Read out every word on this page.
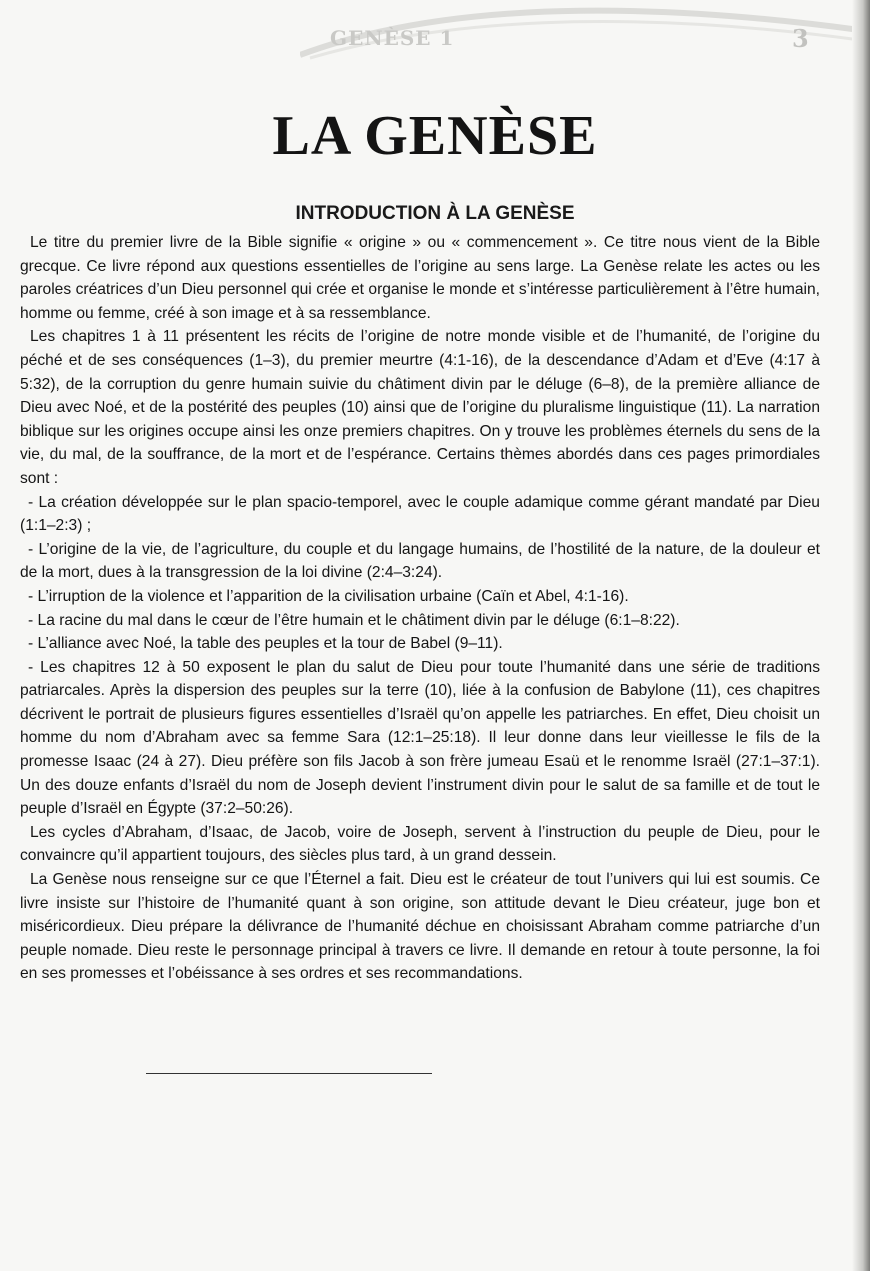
GENÈSE 1	3

LA GENÈSE
INTRODUCTION À LA GENÈSE

Le titre du premier livre de la Bible signifie « origine » ou « commencement ». Ce titre nous vient de la Bible grecque. Ce livre répond aux questions essentielles de l’origine au sens large. La Genèse relate les actes ou les paroles créatrices d’un Dieu personnel qui crée et organise le monde et s’intéresse particulièrement à l’être humain, homme ou femme, créé à son image et à sa ressemblance.

Les chapitres 1 à 11 présentent les récits de l’origine de notre monde visible et de l’humanité, de l’origine du péché et de ses conséquences (1–3), du premier meurtre (4:1-16), de la descendance d’Adam et d’Eve (4:17 à 5:32), de la corruption du genre humain suivie du châtiment divin par le déluge (6–8), de la première alliance de Dieu avec Noé, et de la postérité des peuples (10) ainsi que de l’origine du pluralisme linguistique (11). La narration biblique sur les origines occupe ainsi les onze premiers chapitres. On y trouve les problèmes éternels du sens de la vie, du mal, de la souffrance, de la mort et de l’espérance. Certains thèmes abordés dans ces pages primordiales sont :

- La création développée sur le plan spacio-temporel, avec le couple adamique comme gérant mandaté par Dieu (1:1–2:3) ;

- L’origine de la vie, de l’agriculture, du couple et du langage humains, de l’hostilité de la nature, de la douleur et de la mort, dues à la transgression de la loi divine (2:4–3:24).

- L’irruption de la violence et l’apparition de la civilisation urbaine (Caïn et Abel, 4:1-16).

- La racine du mal dans le cœur de l’être humain et le châtiment divin par le déluge (6:1–8:22).

- L’alliance avec Noé, la table des peuples et la tour de Babel (9–11).

- Les chapitres 12 à 50 exposent le plan du salut de Dieu pour toute l’humanité dans une série de traditions patriarcales. Après la dispersion des peuples sur la terre (10), liée à la confusion de Babylone (11), ces chapitres décrivent le portrait de plusieurs figures essentielles d’Israël qu’on appelle les patriarches. En effet, Dieu choisit un homme du nom d’Abraham avec sa femme Sara (12:1–25:18). Il leur donne dans leur vieillesse le fils de la promesse Isaac (24 à 27). Dieu préfère son fils Jacob à son frère jumeau Esaü et le renomme Israël (27:1–37:1). Un des douze enfants d’Israël du nom de Joseph devient l’instrument divin pour le salut de sa famille et de tout le peuple d’Israël en Égypte (37:2–50:26).

Les cycles d’Abraham, d’Isaac, de Jacob, voire de Joseph, servent à l’instruction du peuple de Dieu, pour le convaincre qu’il appartient toujours, des siècles plus tard, à un grand dessein.

La Genèse nous renseigne sur ce que l’Éternel a fait. Dieu est le créateur de tout l’univers qui lui est soumis. Ce livre insiste sur l’histoire de l’humanité quant à son origine, son attitude devant le Dieu créateur, juge bon et miséricordieux. Dieu prépare la délivrance de l’humanité déchue en choisissant Abraham comme patriarche d’un peuple nomade. Dieu reste le personnage principal à travers ce livre. Il demande en retour à toute personne, la foi en ses promesses et l’obéissance à ses ordres et ses recommandations.
